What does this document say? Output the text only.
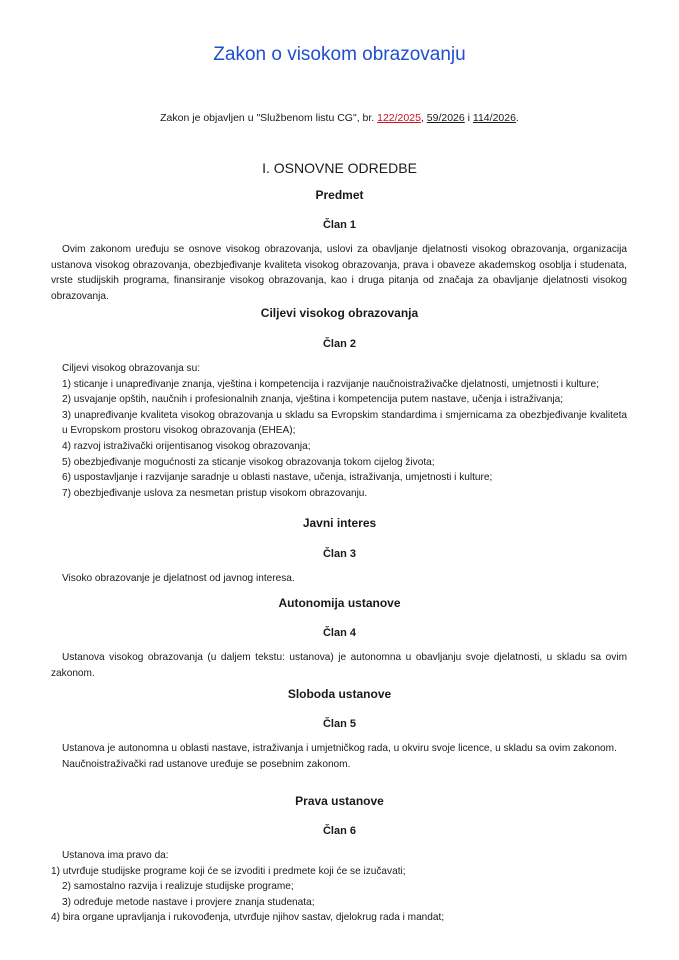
Zakon o visokom obrazovanju
Zakon je objavljen u "Službenom listu CG", br. 122/2025, 59/2026 i 114/2026.
I. OSNOVNE ODREDBE
Predmet
Član 1
Ovim zakonom uređuju se osnove visokog obrazovanja, uslovi za obavljanje djelatnosti visokog obrazovanja, organizacija ustanova visokog obrazovanja, obezbjeđivanje kvaliteta visokog obrazovanja, prava i obaveze akademskog osoblja i studenata, vrste studijskih programa, finansiranje visokog obrazovanja, kao i druga pitanja od značaja za obavljanje djelatnosti visokog obrazovanja.
Ciljevi visokog obrazovanja
Član 2
Ciljevi visokog obrazovanja su:
1) sticanje i unapređivanje znanja, vještina i kompetencija i razvijanje naučnoistraživačke djelatnosti, umjetnosti i kulture;
2) usvajanje opštih, naučnih i profesionalnih znanja, vještina i kompetencija putem nastave, učenja i istraživanja;
3) unapređivanje kvaliteta visokog obrazovanja u skladu sa Evropskim standardima i smjernicama za obezbjeđivanje kvaliteta u Evropskom prostoru visokog obrazovanja (EHEA);
4) razvoj istraživački orijentisanog visokog obrazovanja;
5) obezbjeđivanje mogućnosti za sticanje visokog obrazovanja tokom cijelog života;
6) uspostavljanje i razvijanje saradnje u oblasti nastave, učenja, istraživanja, umjetnosti i kulture;
7) obezbjeđivanje uslova za nesmetan pristup visokom obrazovanju.
Javni interes
Član 3
Visoko obrazovanje je djelatnost od javnog interesa.
Autonomija ustanove
Član 4
Ustanova visokog obrazovanja (u daljem tekstu: ustanova) je autonomna u obavljanju svoje djelatnosti, u skladu sa ovim zakonom.
Sloboda ustanove
Član 5
Ustanova je autonomna u oblasti nastave, istraživanja i umjetničkog rada, u okviru svoje licence, u skladu sa ovim zakonom.
Naučnoistraživački rad ustanove uređuje se posebnim zakonom.
Prava ustanove
Član 6
Ustanova ima pravo da:
1) utvrđuje studijske programe koji će se izvoditi i predmete koji će se izučavati;
2) samostalno razvija i realizuje studijske programe;
3) određuje metode nastave i provjere znanja studenata;
4) bira organe upravljanja i rukovođenja, utvrđuje njihov sastav, djelokrug rada i mandat;
